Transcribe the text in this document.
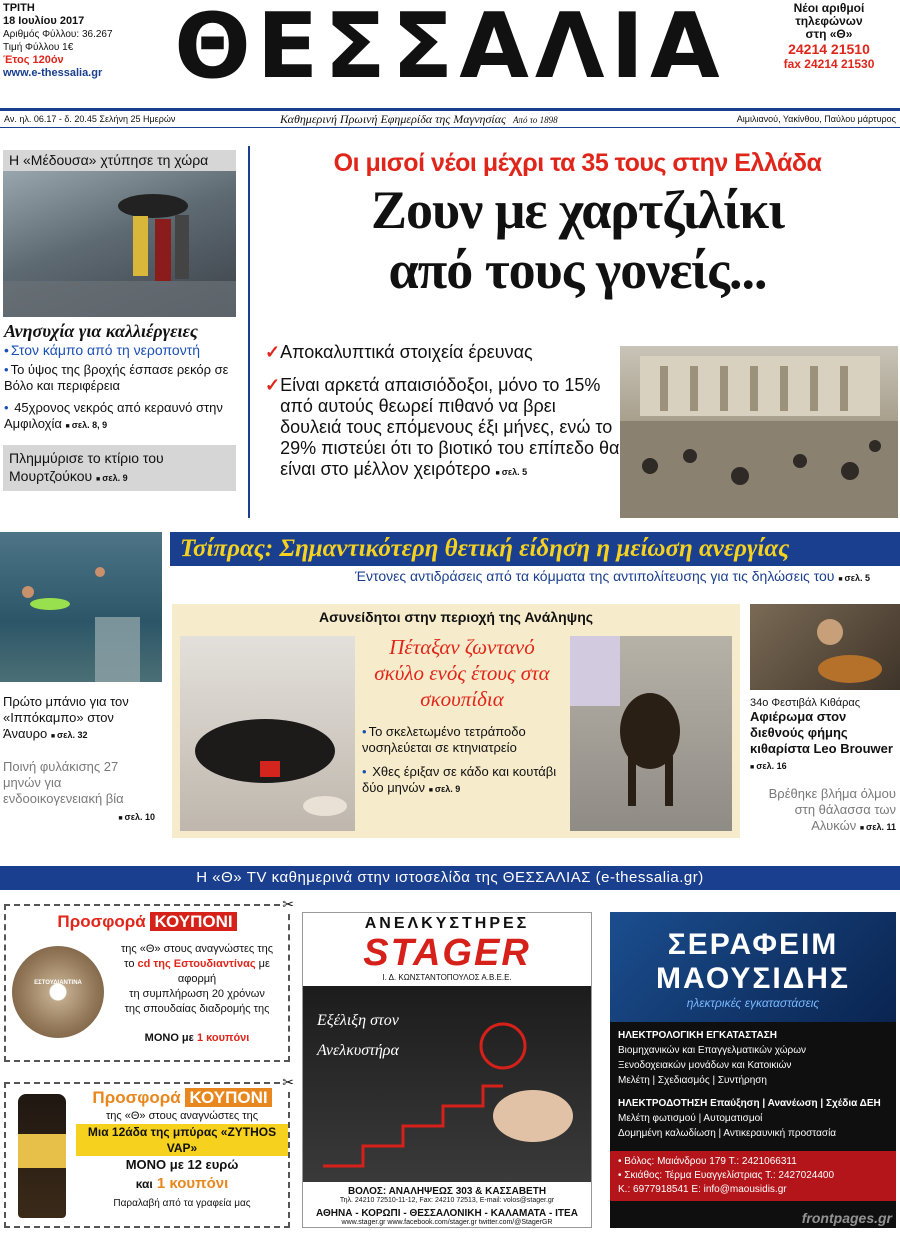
ΤΡΙΤΗ
18 Ιουλίου 2017
Αριθμός Φύλλου: 36.267
Τιμή Φύλλου 1€
Έτος 120όν
www.e-thessalia.gr ΘΕΣΣΑΛΙΑ	Νέοι αριθμοί
τηλεφώνων
στη «Θ»
24214 21510
fax 24214 21530
Αν. ηλ. 06.17 - δ. 20.45 Σελήνη 25 Ημερών	Καθημερινή Πρωινή Εφημερίδα της Μαγνησίας Από το 1898	Αιμιλιανού, Υακίνθου, Παύλου μάρτυρος
Η «Μέδουσα» χτύπησε τη χώρα
Ανησυχία για καλλιέργειες
• Στον κάμπο από τη νεροποντή
• Το ύψος της βροχής έσπασε ρεκόρ σε Βόλο και περιφέρεια
• 45χρονος νεκρός από κεραυνό στην Αμφιλοχία ■ σελ. 8, 9
Πλημμύρισε το κτίριο του Μουρτζούκου ■ σελ. 9
Οι μισοί νέοι μέχρι τα 35 τους στην Ελλάδα
Ζουν με χαρτζιλίκι
από τους γονείς...
✓Αποκαλυπτικά στοιχεία έρευνας
✓ Είναι αρκετά απαισιόδοξοι, μόνο το 15% από αυτούς θεωρεί πιθανό να βρει δουλειά τους επόμενους έξι μήνες, ενώ το 29% πιστεύει ότι το βιοτικό του επίπεδο θα είναι στο μέλλον χειρότερο ■ σελ. 5
Τσίπρας: Σημαντικότερη θετική είδηση η μείωση ανεργίας
Έντονες αντιδράσεις από τα κόμματα της αντιπολίτευσης για τις δηλώσεις του ■ σελ. 5
Πρώτο μπάνιο για τον «Ιππόκαμπο» στον Άναυρο ■ σελ. 32
Ποινή φυλάκισης 27 μηνών για ενδοοικογενειακή βία
■ σελ. 10
Ασυνείδητοι στην περιοχή της Ανάληψης
Πέταξαν ζωντανό σκύλο ενός έτους στα σκουπίδια
• Το σκελετωμένο τετράποδο νοσηλεύεται σε κτηνιατρείο
• Χθες έριξαν σε κάδο και κουτάβι δύο μηνών ■ σελ. 9
34ο Φεστιβάλ Κιθάρας
Αφιέρωμα στον διεθνούς φήμης κιθαρίστα Leo Brouwer ■ σελ. 16
Βρέθηκε βλήμα όλμου στη θάλασσα των Αλυκών ■ σελ. 11
Η «Θ» TV καθημερινά στην ιστοσελίδα της ΘΕΣΣΑΛΙΑΣ (e-thessalia.gr)
✂
Προσφορά ΚΟΥΠΟΝΙ
ΕΣΤΟΥΔΙΑΝΤΙΝΑ
της «Θ» στους αναγνώστες της
το cd της Εστουδιαντίνας με αφορμή
τη συμπλήρωση 20 χρόνων
της σπουδαίας διαδρομής της
ΜΟΝΟ με 1 κουπόνι
✂
Προσφορά ΚΟΥΠΟΝΙ
της «Θ» στους αναγνώστες της
Μια 12άδα της μπύρας «ZYTHOS VAP»
ΜΟΝΟ με 12 ευρώ
και 1 κουπόνι
Παραλαβή από τα γραφεία μας
ΑΝΕΛΚΥΣΤΗΡΕΣ
STAGER
Ι. Δ. ΚΩΝΣΤΑΝΤΟΠΟΥΛΟΣ Α.Β.Ε.Ε.
Εξέλιξη στον
Ανελκυστήρα
ΒΟΛΟΣ: ΑΝΑΛΗΨΕΩΣ 303 & ΚΑΣΣΑΒΕΤΗ
Τηλ. 24210 72510-11-12, Fax: 24210 72513, E-mail: volos@stager.gr
ΑΘΗΝΑ - ΚΟΡΩΠΙ - ΘΕΣΣΑΛΟΝΙΚΗ - ΚΑΛΑΜΑΤΑ - ΙΤΕΑ
www.stager.gr www.facebook.com/stager.gr twitter.com/@StagerGR
ΣΕΡΑΦΕΙΜ
ΜΑΟΥΣΙΔΗΣ
ηλεκτρικές εγκαταστάσεις
ΗΛΕΚΤΡΟΛΟΓΙΚΗ ΕΓΚΑΤΑΣΤΑΣΗ
Βιομηχανικών και Επαγγελματικών χώρων
Ξενοδοχειακών μονάδων και Κατοικιών
Μελέτη | Σχεδιασμός | Συντήρηση
ΗΛΕΚΤΡΟΔΟΤΗΣΗ Επαύξηση | Ανανέωση | Σχέδια ΔΕΗ
Μελέτη φωτισμού | Αυτοματισμοί
Δομημένη καλωδίωση | Αντικεραυνική προστασία
• Βόλος: Μαιάνδρου 179 Τ.: 2421066311
• Σκιάθος: Τέρμα Ευαγγελίστριας Τ.: 2427024400
Κ.: 6977918541 E: info@maousidis.gr
frontpages.gr
